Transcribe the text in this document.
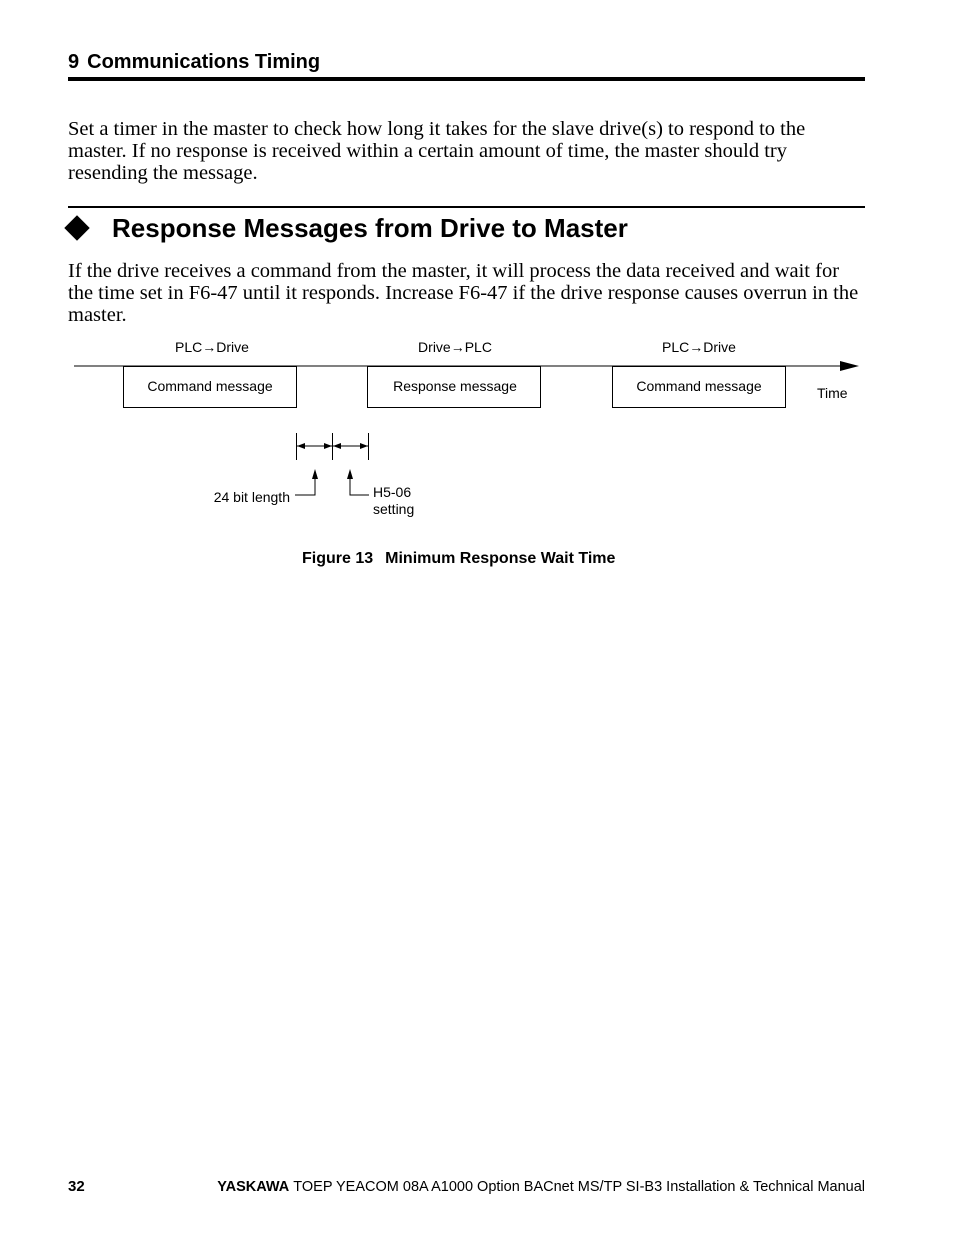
9 Communications Timing

Set a timer in the master to check how long it takes for the slave drive(s) to respond to the master. If no response is received within a certain amount of time, the master should try resending the message.

Response Messages from Drive to Master

If the drive receives a command from the master, it will process the data received and wait for the time set in F6-47 until it responds. Increase F6-47 if the drive response causes overrun in the master.

PLC→Drive	Drive→PLC	PLC→Drive
Time
Command message	Response message	Command message
24 bit length	H5-06
setting
Figure 13 Minimum Response Wait Time
32	YASKAWA TOEP YEACOM 08A A1000 Option BACnet MS/TP SI-B3 Installation & Technical Manual
